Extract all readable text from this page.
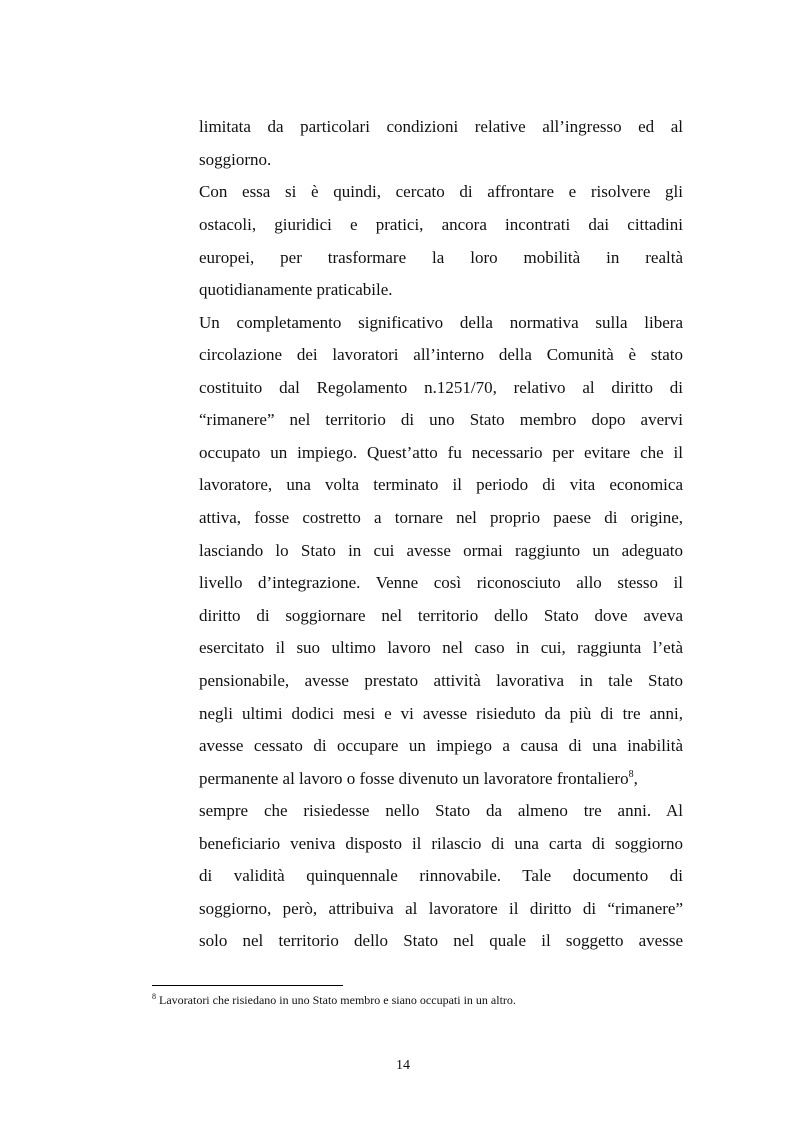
limitata da particolari condizioni relative all’ingresso ed al
soggiorno.
Con essa si è quindi, cercato di affrontare e risolvere gli
ostacoli, giuridici e pratici, ancora incontrati dai cittadini
europei, per trasformare la loro mobilità in realtà
quotidianamente praticabile.
Un completamento significativo della normativa sulla libera
circolazione dei lavoratori all’interno della Comunità è stato
costituito dal Regolamento n.1251/70, relativo al diritto di
“rimanere” nel territorio di uno Stato membro dopo avervi
occupato un impiego. Quest’atto fu necessario per evitare che il
lavoratore, una volta terminato il periodo di vita economica
attiva, fosse costretto a tornare nel proprio paese di origine,
lasciando lo Stato in cui avesse ormai raggiunto un adeguato
livello d’integrazione. Venne così riconosciuto allo stesso il
diritto di soggiornare nel territorio dello Stato dove aveva
esercitato il suo ultimo lavoro nel caso in cui, raggiunta l’età
pensionabile, avesse prestato attività lavorativa in tale Stato
negli ultimi dodici mesi e vi avesse risieduto da più di tre anni,
avesse cessato di occupare un impiego a causa di una inabilità
permanente al lavoro o fosse divenuto un lavoratore frontaliero$^8$,
sempre che risiedesse nello Stato da almeno tre anni. Al
beneficiario veniva disposto il rilascio di una carta di soggiorno
di validità quinquennale rinnovabile. Tale documento di
soggiorno, però, attribuiva al lavoratore il diritto di “rimanere”
solo nel territorio dello Stato nel quale il soggetto avesse
$^8$ Lavoratori che risiedano in uno Stato membro e siano occupati in un altro.
14
